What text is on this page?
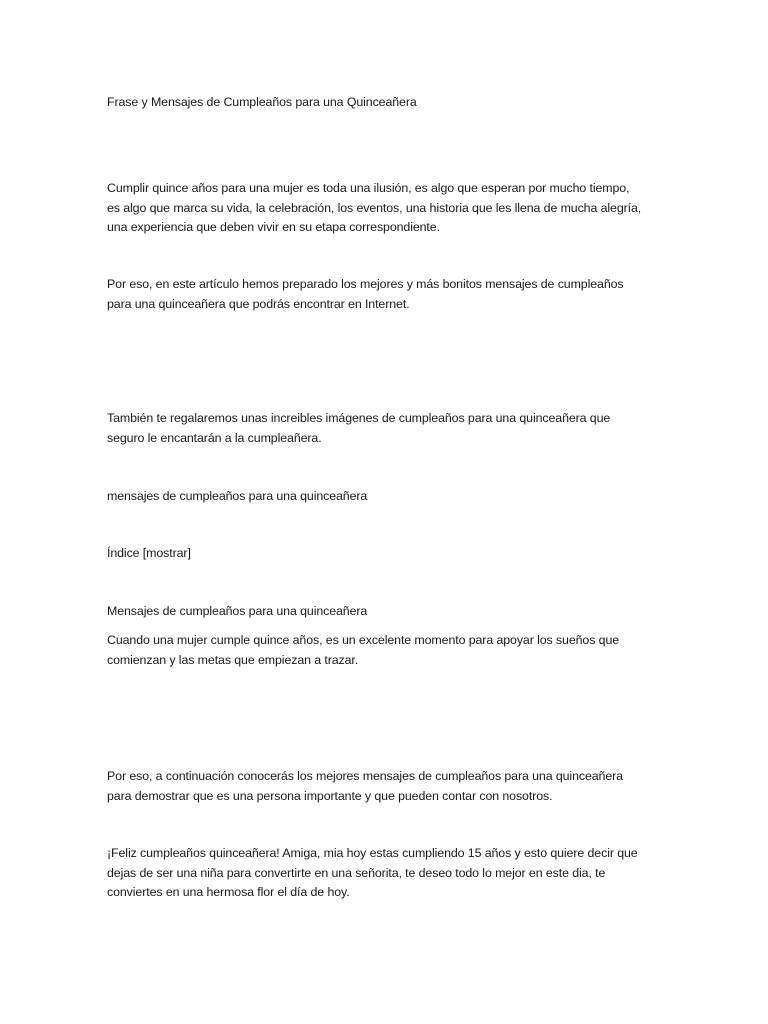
Frase y Mensajes de Cumpleaños para una Quinceañera
Cumplir quince años para una mujer es toda una ilusión, es algo que esperan por mucho tiempo,
es algo que marca su vida, la celebración, los eventos, una historia que les llena de mucha alegría,
una experiencia que deben vivir en su etapa correspondiente.
Por eso, en este artículo hemos preparado los mejores y más bonitos mensajes de cumpleaños
para una quinceañera que podrás encontrar en Internet.
También te regalaremos unas increibles imágenes de cumpleaños para una quinceañera que
seguro le encantarán a la cumpleañera.
mensajes de cumpleaños para una quinceañera
Índice [mostrar]
Mensajes de cumpleaños para una quinceañera
Cuando una mujer cumple quince años, es un excelente momento para apoyar los sueños que
comienzan y las metas que empiezan a trazar.
Por eso, a continuación conocerás los mejores mensajes de cumpleaños para una quinceañera
para demostrar que es una persona importante y que pueden contar con nosotros.
¡Feliz cumpleaños quinceañera! Amiga, mia hoy estas cumpliendo 15 años y esto quiere decir que
dejas de ser una niña para convertirte en una señorita, te deseo todo lo mejor en este dia, te
conviertes en una hermosa flor el día de hoy.
